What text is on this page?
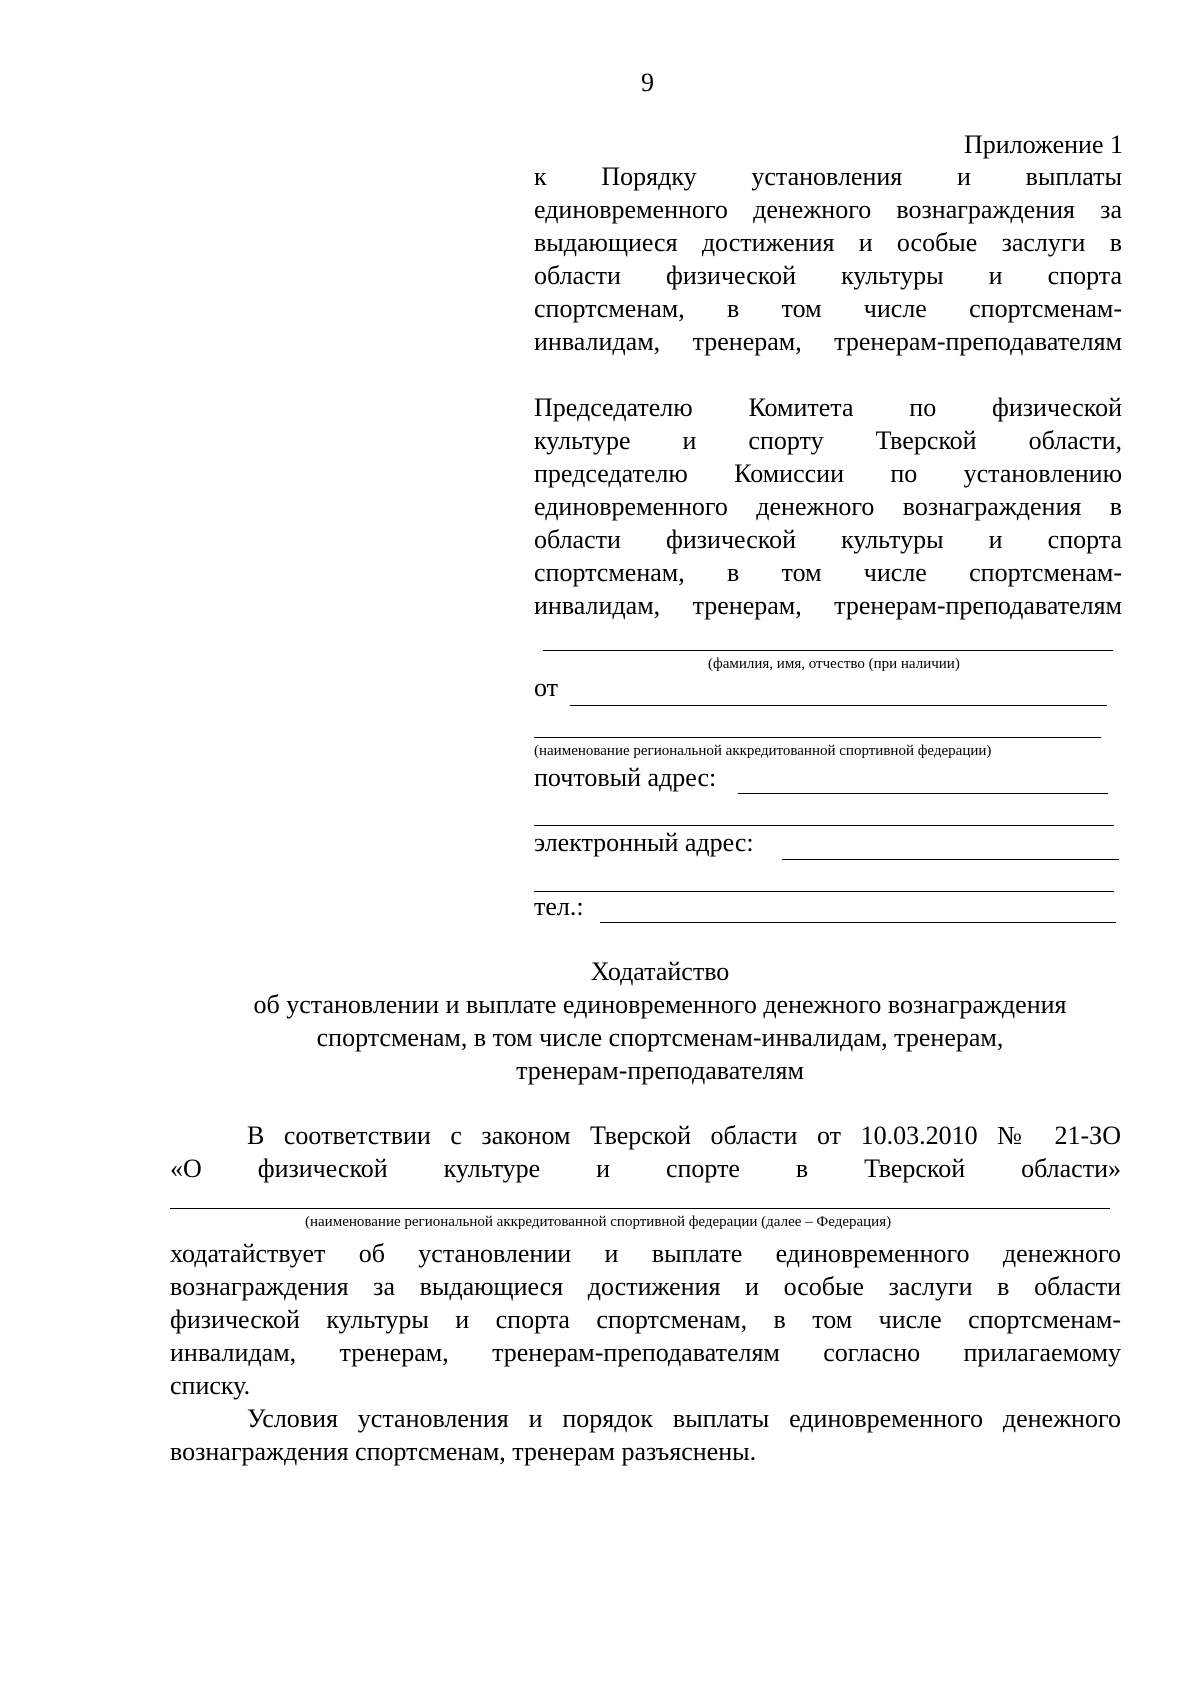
9
Приложение 1
к Порядку установления и выплаты
единовременного денежного вознаграждения за
выдающиеся достижения и особые заслуги в
области физической культуры и спорта
спортсменам, в том числе спортсменам-
инвалидам, тренерам, тренерам-преподавателям
Председателю Комитета по физической
культуре и спорту Тверской области,
председателю Комиссии по установлению
единовременного денежного вознаграждения в
области физической культуры и спорта
спортсменам, в том числе спортсменам-
инвалидам, тренерам, тренерам-преподавателям
(фамилия, имя, отчество (при наличии)
от
(наименование региональной аккредитованной спортивной федерации)
почтовый адрес:
электронный адрес:
тел.:
Ходатайство
об установлении и выплате единовременного денежного вознаграждения
спортсменам, в том числе спортсменам-инвалидам, тренерам,
тренерам-преподавателям
В соответствии с законом Тверской области от 10.03.2010 № 21-ЗО
«О физической культуре и спорте в Тверской области»
(наименование региональной аккредитованной спортивной федерации (далее – Федерация)
ходатайствует об установлении и выплате единовременного денежного
вознаграждения за выдающиеся достижения и особые заслуги в области
физической культуры и спорта спортсменам, в том числе спортсменам-
инвалидам, тренерам, тренерам-преподавателям согласно прилагаемому
списку.
Условия установления и порядок выплаты единовременного денежного
вознаграждения спортсменам, тренерам разъяснены.
